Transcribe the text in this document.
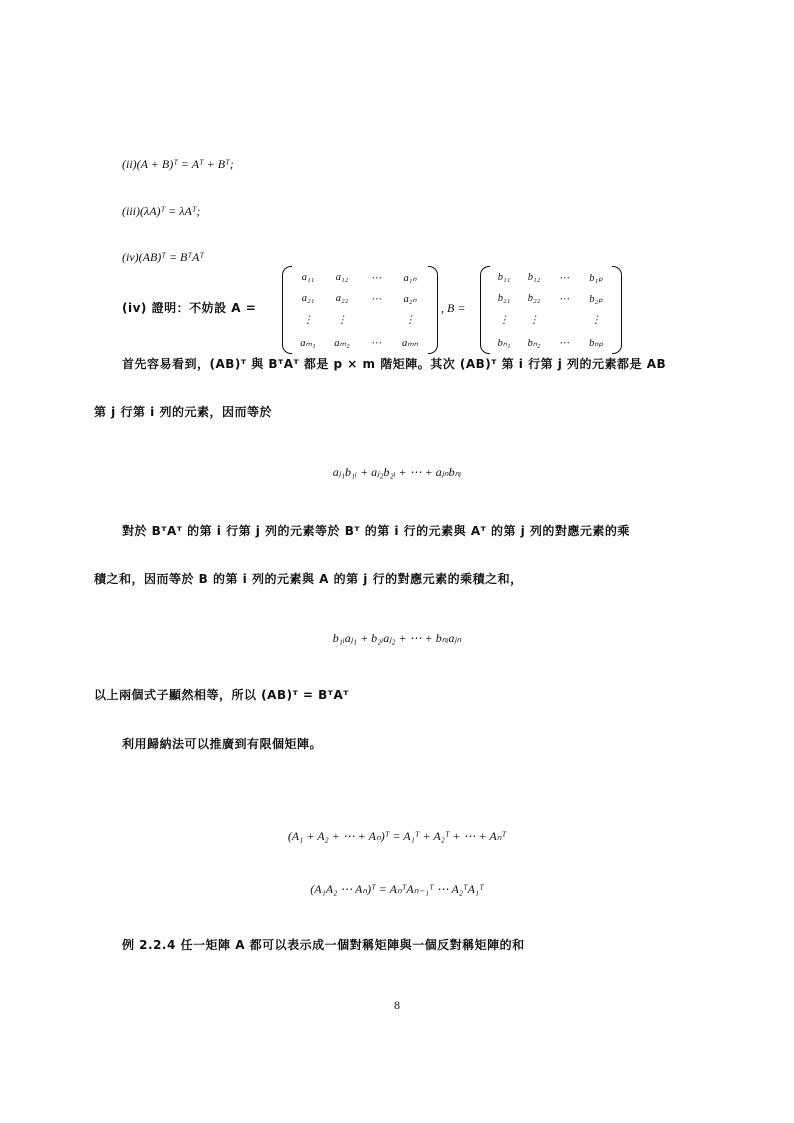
(ii)(A + B)ᵀ = Aᵀ + Bᵀ;
(iii)(λA)ᵀ = λAᵀ;
(iv)(AB)ᵀ = BᵀAᵀ
(iv) 證明：不妨設 A =
a₁₁	a₁₂	⋯	a₁ₙ
a₂₁	a₂₂	⋯	a₂ₙ
⋮	⋮	⋮
aₘ₁	aₘ₂	⋯	aₘₙ
, B =
b₁₁	b₁₂	⋯	b₁ₚ
b₂₁	b₂₂	⋯	b₂ₚ
⋮	⋮	⋮
bₙ₁	bₙ₂	⋯	bₙₚ
首先容易看到，(AB)ᵀ 與 BᵀAᵀ 都是 p × m 階矩陣。其次 (AB)ᵀ 第 i 行第 j 列的元素都是 AB
第 j 行第 i 列的元素，因而等於
aⱼ₁b₁ᵢ + aⱼ₂b₂ᵢ + ⋯ + aⱼₙbₙᵢ
對於 BᵀAᵀ 的第 i 行第 j 列的元素等於 Bᵀ 的第 i 行的元素與 Aᵀ 的第 j 列的對應元素的乘
積之和，因而等於 B 的第 i 列的元素與 A 的第 j 行的對應元素的乘積之和，
b₁ᵢaⱼ₁ + b₂ᵢaⱼ₂ + ⋯ + bₙᵢaⱼₙ
以上兩個式子顯然相等，所以 (AB)ᵀ = BᵀAᵀ
利用歸納法可以推廣到有限個矩陣。
(A₁ + A₂ + ⋯ + Aₙ)ᵀ = A₁ᵀ + A₂ᵀ + ⋯ + Aₙᵀ
(A₁A₂ ⋯ Aₙ)ᵀ = AₙᵀAₙ₋₁ᵀ ⋯ A₂ᵀA₁ᵀ
例 2.2.4 任一矩陣 A 都可以表示成一個對稱矩陣與一個反對稱矩陣的和
8
